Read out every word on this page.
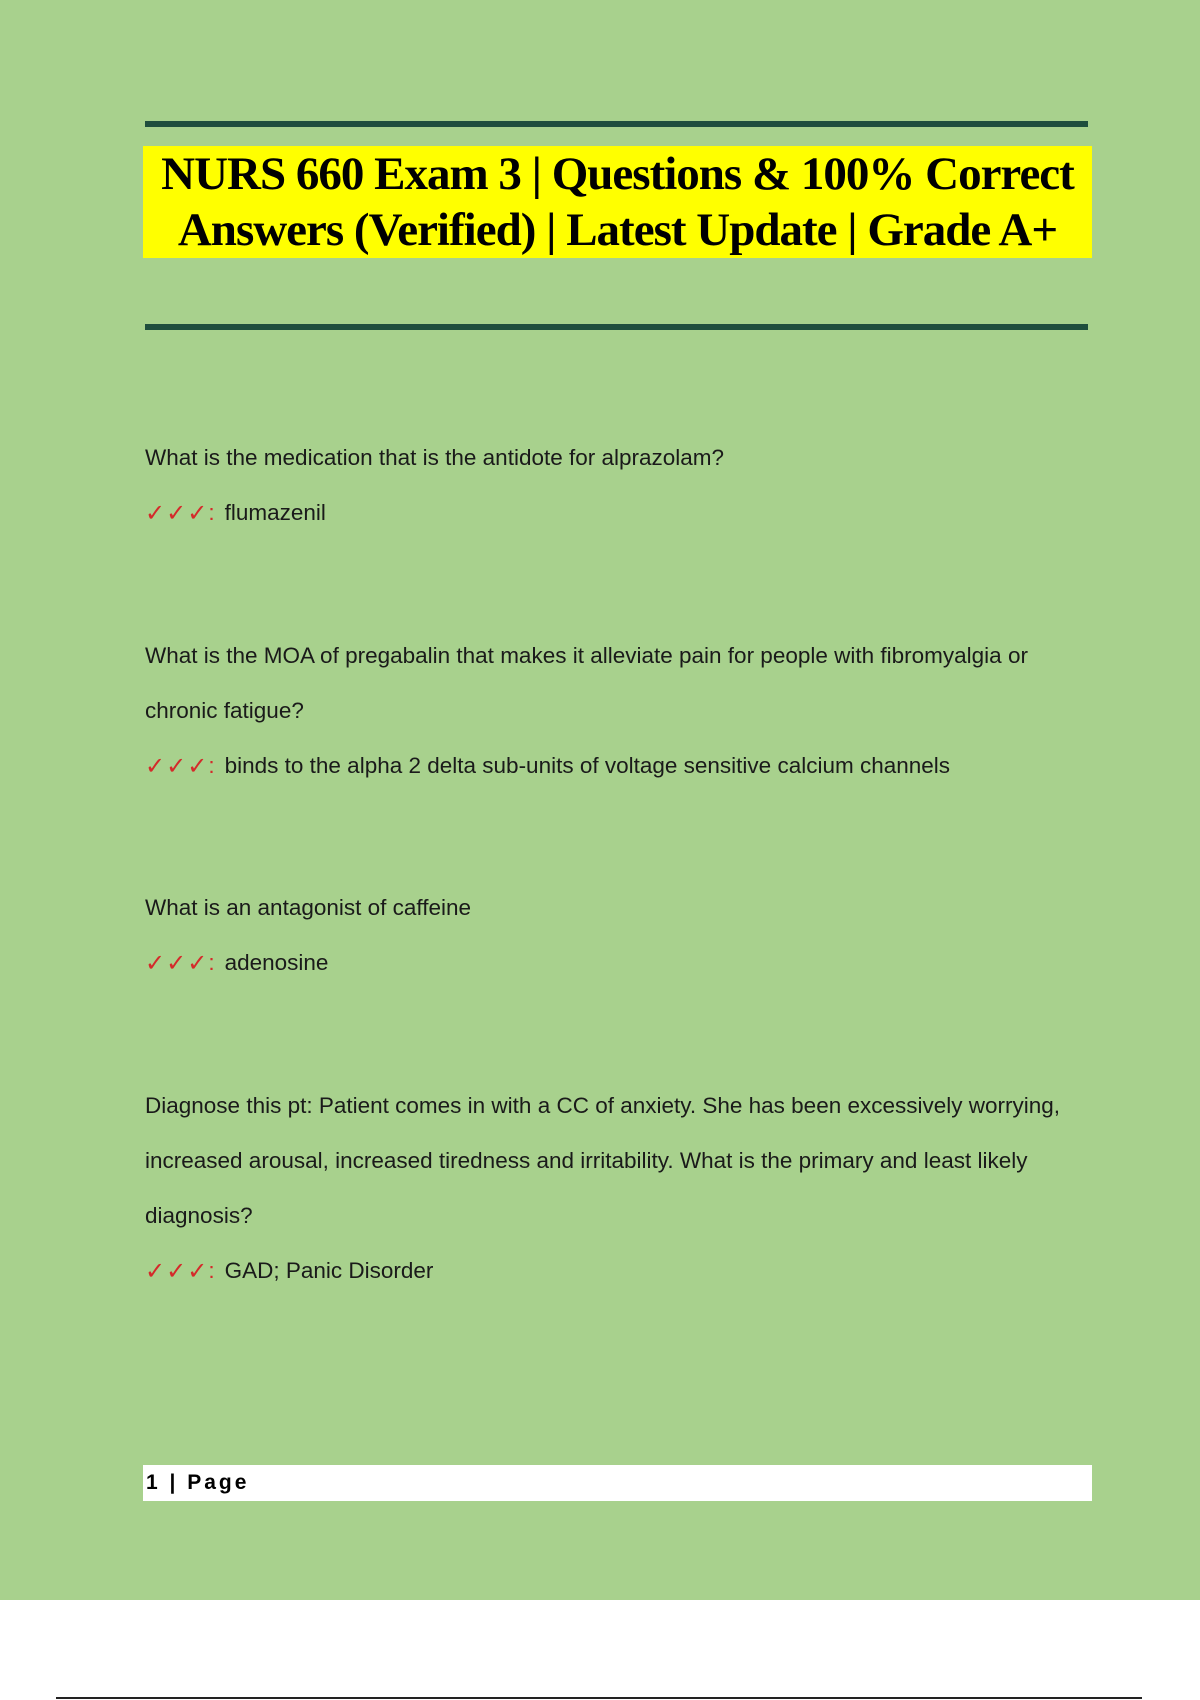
NURS 660 Exam 3 | Questions & 100% Correct Answers (Verified) | Latest Update | Grade A+

What is the medication that is the antidote for alprazolam?

✓✓✓ : flumazenil

What is the MOA of pregabalin that makes it alleviate pain for people with fibromyalgia or chronic fatigue?

✓✓✓ : binds to the alpha 2 delta sub-units of voltage sensitive calcium channels

What is an antagonist of caffeine

✓✓✓ : adenosine

Diagnose this pt: Patient comes in with a CC of anxiety. She has been excessively worrying, increased arousal, increased tiredness and irritability. What is the primary and least likely diagnosis?

✓✓✓ : GAD; Panic Disorder
1 | Page
